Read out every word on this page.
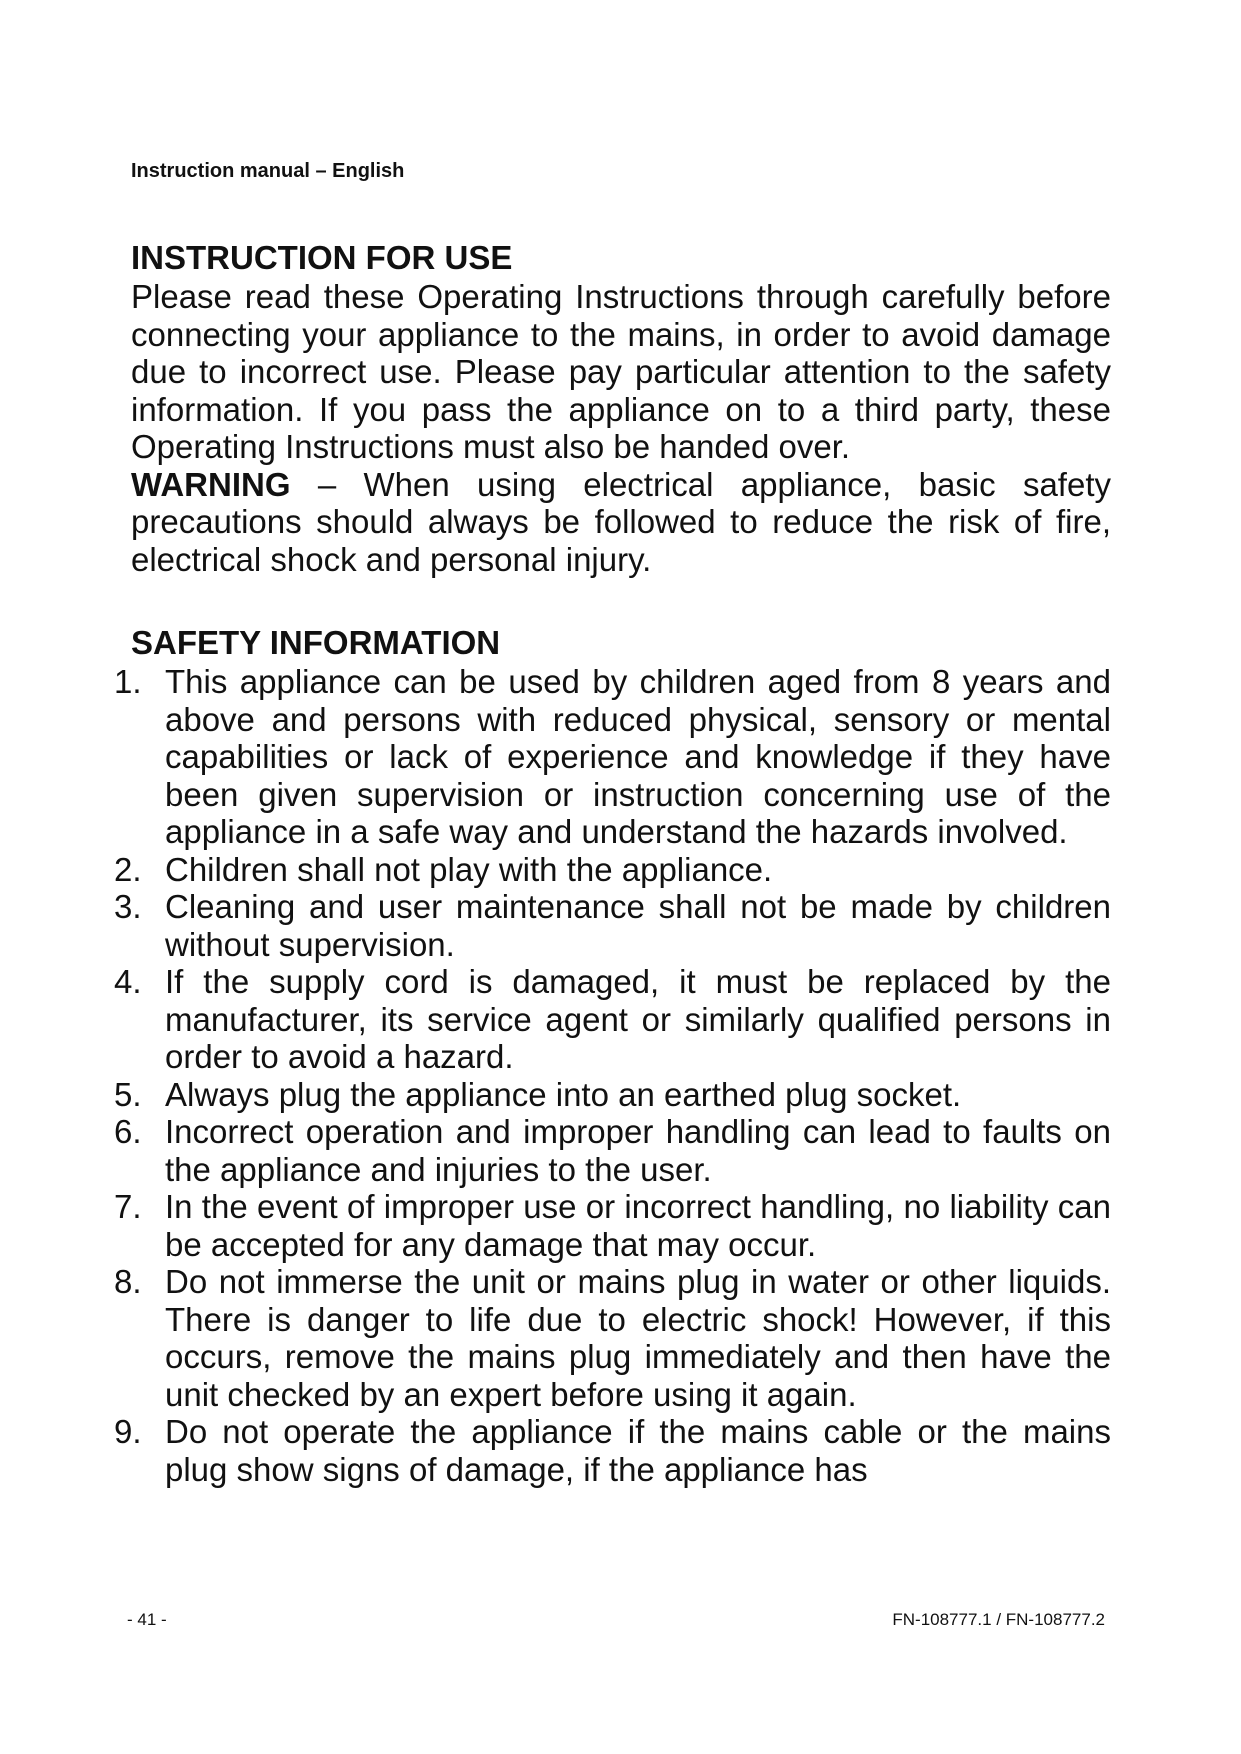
Instruction manual – English
INSTRUCTION FOR USE

Please read these Operating Instructions through carefully before connecting your appliance to the mains, in order to avoid damage due to incorrect use. Please pay particular attention to the safety information. If you pass the appliance on to a third party, these Operating Instructions must also be handed over.

WARNING – When using electrical appliance, basic safety precautions should always be followed to reduce the risk of fire, electrical shock and personal injury.

SAFETY INFORMATION
1. This appliance can be used by children aged from 8 years and above and persons with reduced physical, sensory or mental capabilities or lack of experience and knowledge if they have been given supervision or instruction concerning use of the appliance in a safe way and understand the hazards involved.
2. Children shall not play with the appliance.
3. Cleaning and user maintenance shall not be made by children without supervision.
4. If the supply cord is damaged, it must be replaced by the manufacturer, its service agent or similarly qualified persons in order to avoid a hazard.
5. Always plug the appliance into an earthed plug socket.
6. Incorrect operation and improper handling can lead to faults on the appliance and injuries to the user.
7. In the event of improper use or incorrect handling, no liability can be accepted for any damage that may occur.
8. Do not immerse the unit or mains plug in water or other liquids. There is danger to life due to electric shock! However, if this occurs, remove the mains plug immediately and then have the unit checked by an expert before using it again.
9. Do not operate the appliance if the mains cable or the mains plug show signs of damage, if the appliance has
- 41 -	FN-108777.1 / FN-108777.2
